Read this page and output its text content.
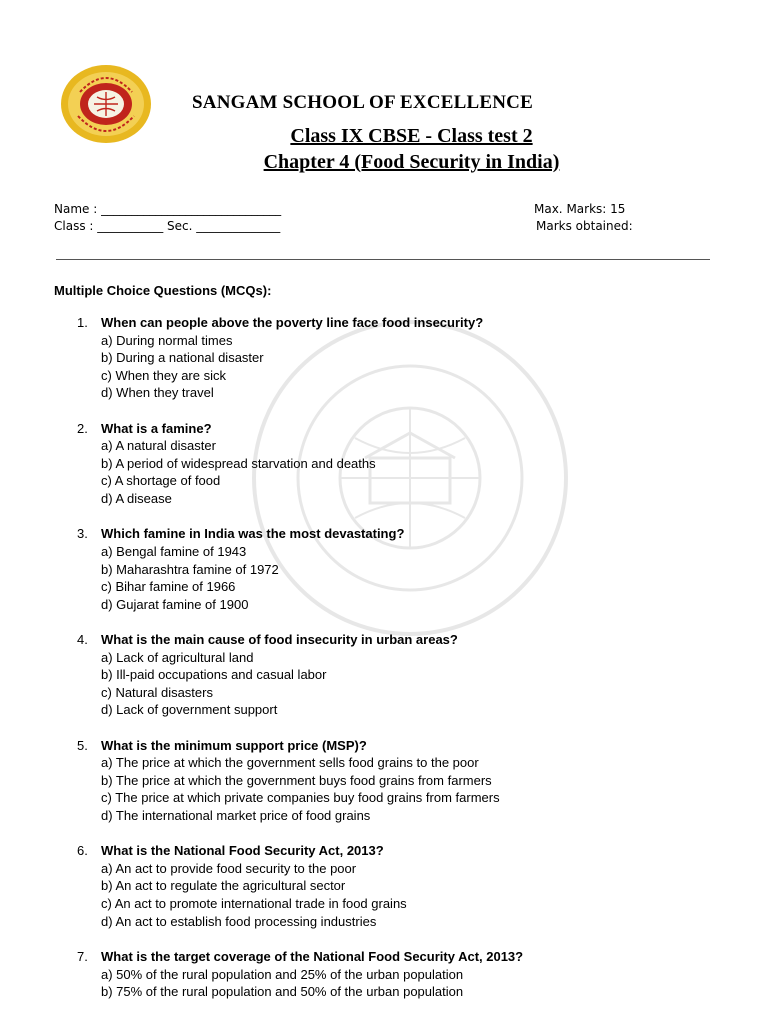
SANGAM SCHOOL OF EXCELLENCE
Class IX CBSE - Class test 2
Chapter 4 (Food Security in India)
Name : ______________________________
Class : ___________ Sec. ______________
Max. Marks: 15
Marks obtained:
Multiple Choice Questions (MCQs):
1. When can people above the poverty line face food insecurity?
a) During normal times
b) During a national disaster
c) When they are sick
d) When they travel
2. What is a famine?
a) A natural disaster
b) A period of widespread starvation and deaths
c) A shortage of food
d) A disease
3. Which famine in India was the most devastating?
a) Bengal famine of 1943
b) Maharashtra famine of 1972
c) Bihar famine of 1966
d) Gujarat famine of 1900
4. What is the main cause of food insecurity in urban areas?
a) Lack of agricultural land
b) Ill-paid occupations and casual labor
c) Natural disasters
d) Lack of government support
5. What is the minimum support price (MSP)?
a) The price at which the government sells food grains to the poor
b) The price at which the government buys food grains from farmers
c) The price at which private companies buy food grains from farmers
d) The international market price of food grains
6. What is the National Food Security Act, 2013?
a) An act to provide food security to the poor
b) An act to regulate the agricultural sector
c) An act to promote international trade in food grains
d) An act to establish food processing industries
7. What is the target coverage of the National Food Security Act, 2013?
a) 50% of the rural population and 25% of the urban population
b) 75% of the rural population and 50% of the urban population
